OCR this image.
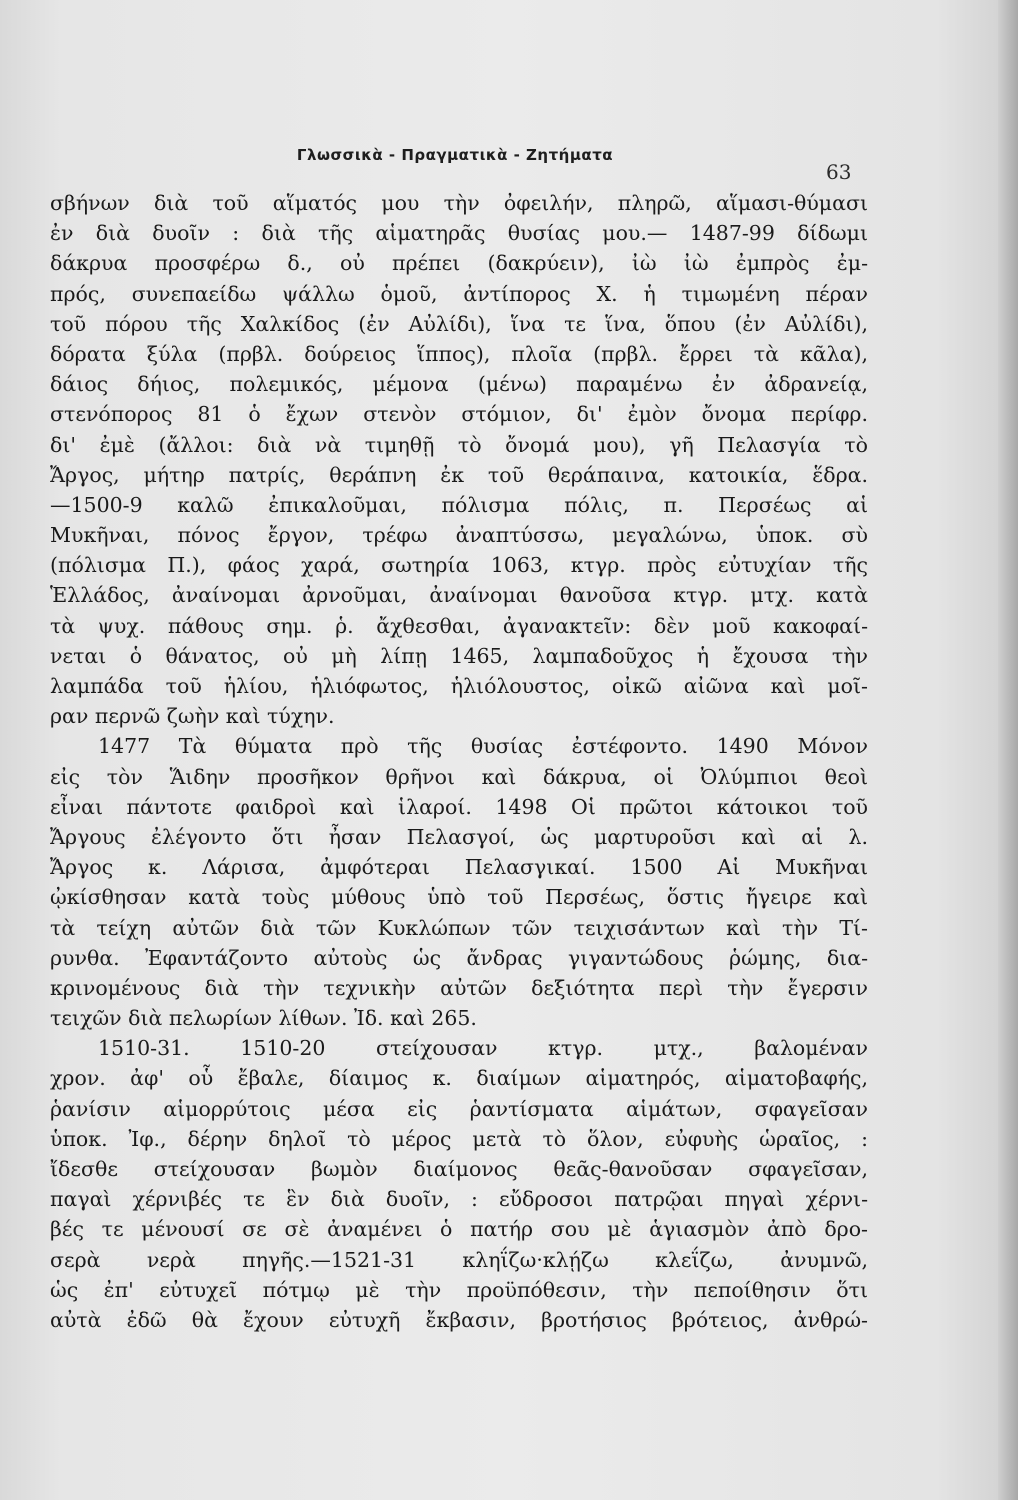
Γλωσσικὰ - Πραγματικὰ - Ζητήματα
63
σβήνων διὰ τοῦ αἵματός μου τὴν ὀφειλήν, πληρῶ, αἵμασι-θύμασι
ἐν διὰ δυοῖν : διὰ τῆς αἱματηρᾶς θυσίας μου.— 1487-99 δίδωμι
δάκρυα προσφέρω δ., οὐ πρέπει (δακρύειν), ἰὼ ἰὼ ἐμπρὸς ἐμ-
πρός, συνεπαείδω ψάλλω ὁμοῦ, ἀντίπορος Χ. ἡ τιμωμένη πέραν
τοῦ πόρου τῆς Χαλκίδος (ἐν Αὐλίδι), ἵνα τε ἵνα, ὅπου (ἐν Αὐλίδι),
δόρατα ξύλα (πρβλ. δούρειος ἵππος), πλοῖα (πρβλ. ἔρρει τὰ κᾶλα),
δάιος δήιος, πολεμικός, μέμονα (μένω) παραμένω ἐν ἀδρανείᾳ,
στενόπορος 81 ὁ ἔχων στενὸν στόμιον, δι' ἐμὸν ὄνομα περίφρ.
δι' ἐμὲ (ἄλλοι: διὰ νὰ τιμηθῇ τὸ ὄνομά μου), γῆ Πελασγία τὸ
Ἄργος, μήτηρ πατρίς, θεράπνη ἐκ τοῦ θεράπαινα, κατοικία, ἕδρα.
—1500-9 καλῶ ἐπικαλοῦμαι, πόλισμα πόλις, π. Περσέως αἱ
Μυκῆναι, πόνος ἔργον, τρέφω ἀναπτύσσω, μεγαλώνω, ὑποκ. σὺ
(πόλισμα Π.), φάος χαρά, σωτηρία 1063, κτγρ. πρὸς εὐτυχίαν τῆς
Ἑλλάδος, ἀναίνομαι ἀρνοῦμαι, ἀναίνομαι θανοῦσα κτγρ. μτχ. κατὰ
τὰ ψυχ. πάθους σημ. ῥ. ἄχθεσθαι, ἀγανακτεῖν: δὲν μοῦ κακοφαί-
νεται ὁ θάνατος, οὐ μὴ λίπῃ 1465, λαμπαδοῦχος ἡ ἔχουσα τὴν
λαμπάδα τοῦ ἡλίου, ἡλιόφωτος, ἡλιόλουστος, οἰκῶ αἰῶνα καὶ μοῖ-
ραν περνῶ ζωὴν καὶ τύχην.
1477 Τὰ θύματα πρὸ τῆς θυσίας ἐστέφοντο. 1490 Μόνον
εἰς τὸν Ἅιδην προσῆκον θρῆνοι καὶ δάκρυα, οἱ Ὀλύμπιοι θεοὶ
εἶναι πάντοτε φαιδροὶ καὶ ἱλαροί. 1498 Οἱ πρῶτοι κάτοικοι τοῦ
Ἄργους ἐλέγοντο ὅτι ἦσαν Πελασγοί, ὡς μαρτυροῦσι καὶ αἱ λ.
Ἄργος κ. Λάρισα, ἀμφότεραι Πελασγικαί. 1500 Αἱ Μυκῆναι
ᾠκίσθησαν κατὰ τοὺς μύθους ὑπὸ τοῦ Περσέως, ὅστις ἤγειρε καὶ
τὰ τείχη αὐτῶν διὰ τῶν Κυκλώπων τῶν τειχισάντων καὶ τὴν Τί-
ρυνθα. Ἐφαντάζοντο αὐτοὺς ὡς ἄνδρας γιγαντώδους ῥώμης, δια-
κρινομένους διὰ τὴν τεχνικὴν αὐτῶν δεξιότητα περὶ τὴν ἔγερσιν
τειχῶν διὰ πελωρίων λίθων. Ἰδ. καὶ 265.
1510-31. 1510-20 στείχουσαν κτγρ. μτχ., βαλομέναν
χρον. ἀφ' οὗ ἔβαλε, δίαιμος κ. διαίμων αἱματηρός, αἱματοβαφής,
ῥανίσιν αἱμορρύτοις μέσα εἰς ῥαντίσματα αἱμάτων, σφαγεῖσαν
ὑποκ. Ἰφ., δέρην δηλοῖ τὸ μέρος μετὰ τὸ ὅλον, εὐφυὴς ὡραῖος, :
ἴδεσθε στείχουσαν βωμὸν διαίμονος θεᾶς-θανοῦσαν σφαγεῖσαν,
παγαὶ χέρνιβές τε ἓν διὰ δυοῖν, : εὔδροσοι πατρῷαι πηγαὶ χέρνι-
βές τε μένουσί σε σὲ ἀναμένει ὁ πατήρ σου μὲ ἁγιασμὸν ἀπὸ δρο-
σερὰ νερὰ πηγῆς.—1521-31 κληΐζω·κλῄζω κλεΐζω, ἀνυμνῶ,
ὡς ἐπ' εὐτυχεῖ πότμῳ μὲ τὴν προϋπόθεσιν, τὴν πεποίθησιν ὅτι
αὐτὰ ἐδῶ θὰ ἔχουν εὐτυχῆ ἔκβασιν, βροτήσιος βρότειος, ἀνθρώ-
